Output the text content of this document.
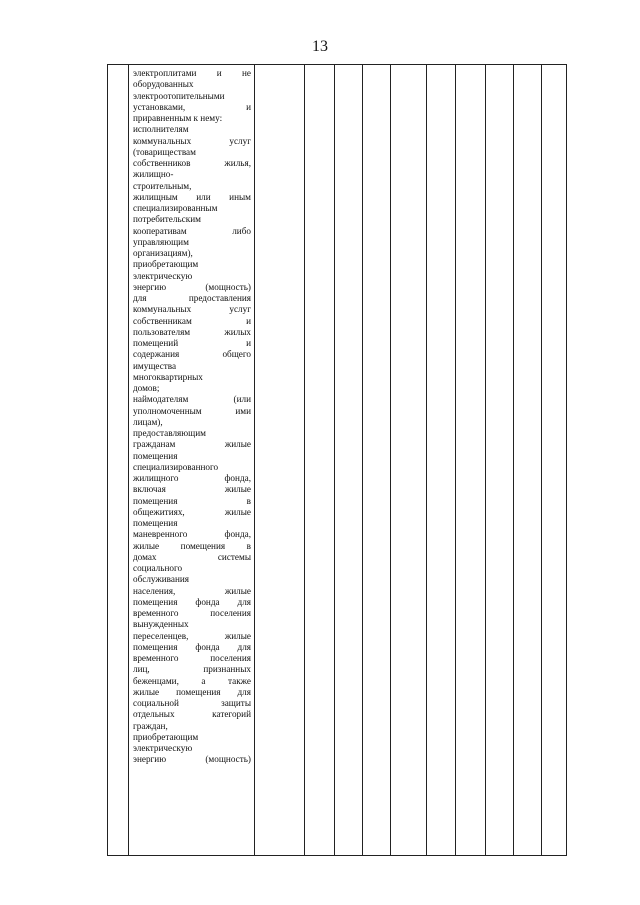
13

электроплитами и не
оборудованных
электроотопительными
установками, и
приравненным к нему:
исполнителям
коммунальных услуг
(товариществам
собственников жилья,
жилищно-
строительным,
жилищным или иным
специализированным
потребительским
кооперативам либо
управляющим
организациям),
приобретающим
электрическую
энергию (мощность)
для предоставления
коммунальных услуг
собственникам и
пользователям жилых
помещений и
содержания общего
имущества
многоквартирных
домов;
наймодателям (или
уполномоченным ими
лицам),
предоставляющим
гражданам жилые
помещения
специализированного
жилищного фонда,
включая жилые
помещения в
общежитиях, жилые
помещения
маневренного фонда,
жилые помещения в
домах системы
социального
обслуживания
населения, жилые
помещения фонда для
временного поселения
вынужденных
переселенцев, жилые
помещения фонда для
временного поселения
лиц, признанных
беженцами, а также
жилые помещения для
социальной защиты
отдельных категорий
граждан,
приобретающим
электрическую
энергию (мощность)
